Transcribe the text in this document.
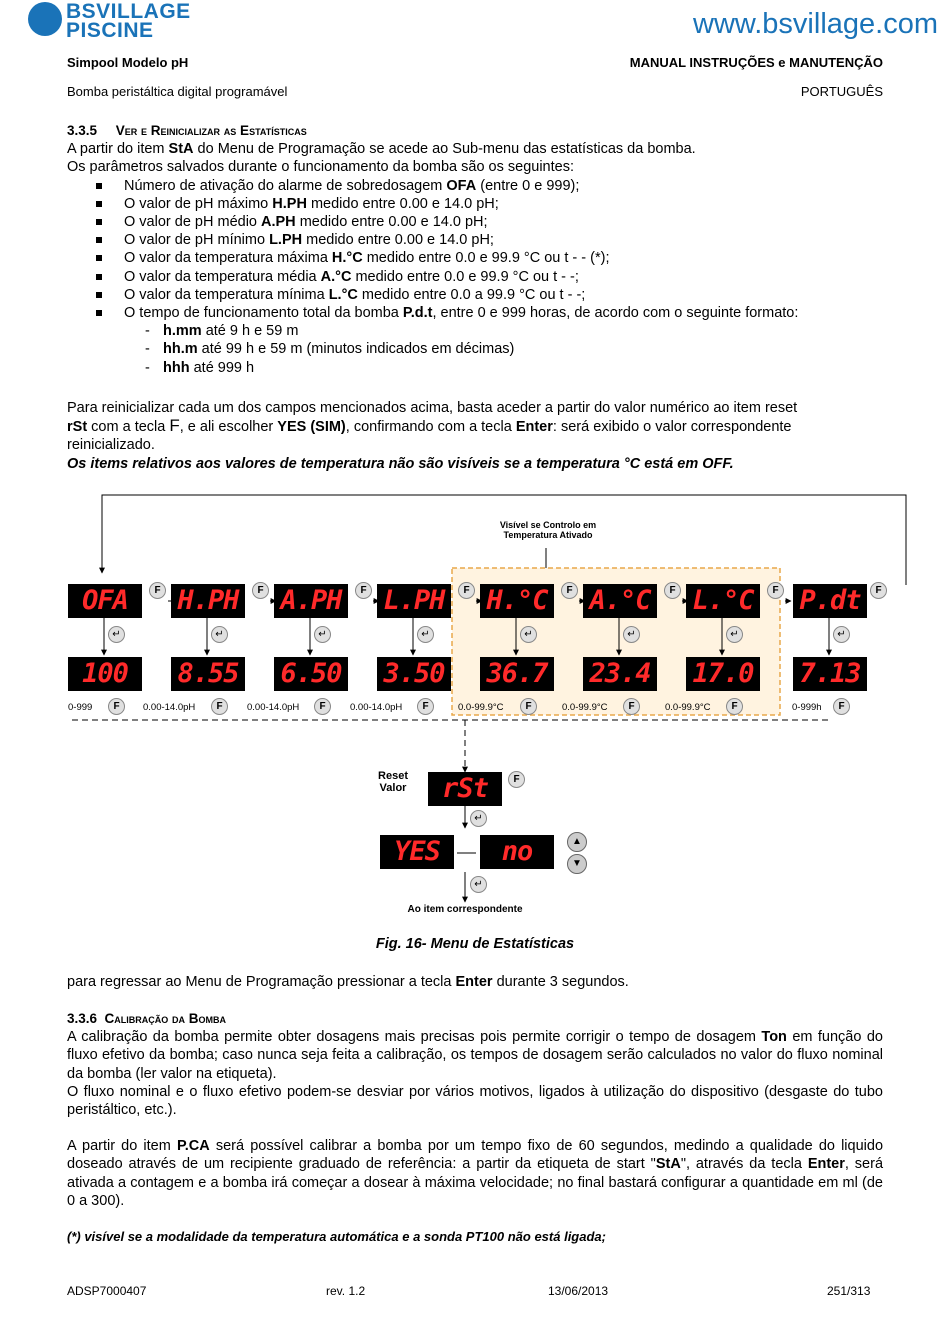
BSVILLAGE
PISCINE	www.bsvillage.com
Simpool Modelo pH	MANUAL INSTRUÇÕES e MANUTENÇÃO
Bomba peristáltica digital programável	PORTUGUÊS
3.3.5 Ver e Reinicializar as Estatísticas
A partir do item StA do Menu de Programação se acede ao Sub-menu das estatísticas da bomba.
Os parâmetros salvados durante o funcionamento da bomba são os seguintes:
Número de ativação do alarme de sobredosagem OFA (entre 0 e 999);
O valor de pH máximo H.PH medido entre 0.00 e 14.0 pH;
O valor de pH médio A.PH medido entre 0.00 e 14.0 pH;
O valor de pH mínimo L.PH medido entre 0.00 e 14.0 pH;
O valor da temperatura máxima H.°C medido entre 0.0 e 99.9 °C ou t - - (*);
O valor da temperatura média A.°C medido entre 0.0 e 99.9 °C ou t - -;
O valor da temperatura mínima L.°C medido entre 0.0 a 99.9 °C ou t - -;
O tempo de funcionamento total da bomba P.d.t, entre 0 e 999 horas, de acordo com o seguinte formato:
- h.mm até 9 h e 59 m
- hh.m até 99 h e 59 m (minutos indicados em décimas)
- hhh até 999 h
Para reinicializar cada um dos campos mencionados acima, basta aceder a partir do valor numérico ao item reset
rSt com a tecla F, e ali escolher YES (SIM), confirmando com a tecla Enter: será exibido o valor correspondente
reinicializado.
Os items relativos aos valores de temperatura não são visíveis se a temperatura °C está em OFF.
Visível se Controlo em Temperatura Ativado
OFA	H.PH A.PH L.PH H.°C A.°C L.°C P.dt
F	F	F	F	F	F	F	F
↵	↵	↵	↵	↵	↵	↵	↵
100	8.55 6.50 3.50 36.7 23.4 17.0 7.13
0-999	0.00-14.0pH	0.00-14.0pH	0.00-14.0pH	0.0-99.9°C	0.0-99.9°C	0.0-99.9°C	0-999h
F	F	F	F	F	F	F	F
Reset Valor	rSt	F
↵
YES	no	▲
▼
↵
Ao item correspondente
Fig. 16- Menu de Estatísticas
para regressar ao Menu de Programação pressionar a tecla Enter durante 3 segundos.
3.3.6 Calibração da Bomba
A calibração da bomba permite obter dosagens mais precisas pois permite corrigir o tempo de dosagem Ton em função do fluxo efetivo da bomba; caso nunca seja feita a calibração, os tempos de dosagem serão calculados no valor do fluxo nominal da bomba (ler valor na etiqueta).
O fluxo nominal e o fluxo efetivo podem-se desviar por vários motivos, ligados à utilização do dispositivo (desgaste do tubo peristáltico, etc.).
A partir do item P.CA será possível calibrar a bomba por um tempo fixo de 60 segundos, medindo a qualidade do liquido doseado através de um recipiente graduado de referência: a partir da etiqueta de start "StA", através da tecla Enter, será ativada a contagem e a bomba irá começar a dosear à máxima velocidade; no final bastará configurar a quantidade em ml (de 0 a 300).
(*) visível se a modalidade da temperatura automática e a sonda PT100 não está ligada;
ADSP7000407	rev. 1.2	13/06/2013	251/313
